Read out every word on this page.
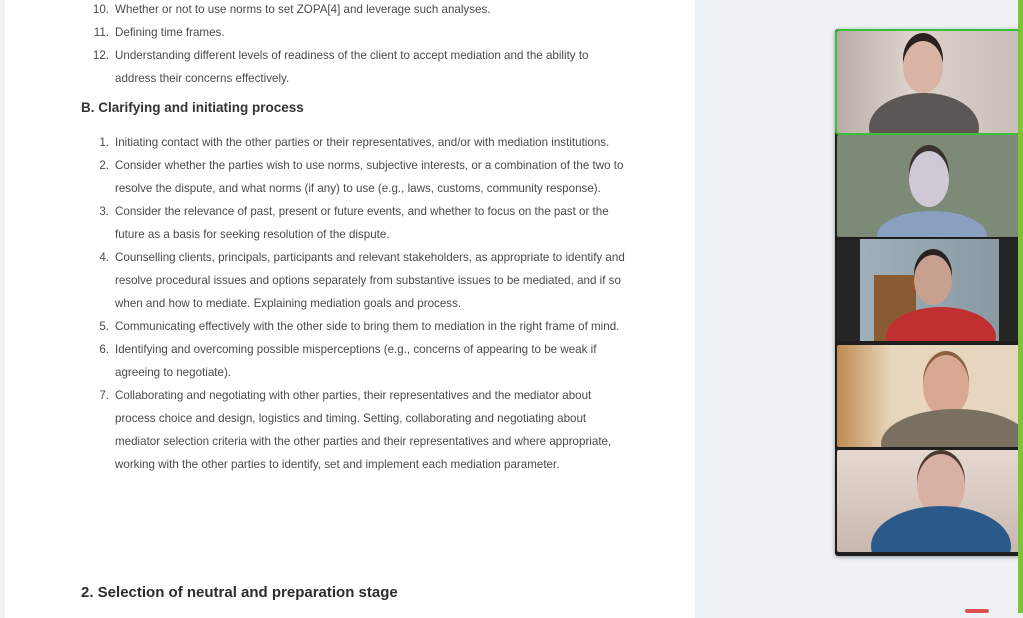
10. Whether or not to use norms to set ZOPA[4] and leverage such analyses.
11. Defining time frames.
12. Understanding different levels of readiness of the client to accept mediation and the ability to address their concerns effectively.
B. Clarifying and initiating process
1. Initiating contact with the other parties or their representatives, and/or with mediation institutions.
2. Consider whether the parties wish to use norms, subjective interests, or a combination of the two to resolve the dispute, and what norms (if any) to use (e.g., laws, customs, community response).
3. Consider the relevance of past, present or future events, and whether to focus on the past or the future as a basis for seeking resolution of the dispute.
4. Counselling clients, principals, participants and relevant stakeholders, as appropriate to identify and resolve procedural issues and options separately from substantive issues to be mediated, and if so when and how to mediate. Explaining mediation goals and process.
5. Communicating effectively with the other side to bring them to mediation in the right frame of mind.
6. Identifying and overcoming possible misperceptions (e.g., concerns of appearing to be weak if agreeing to negotiate).
7. Collaborating and negotiating with other parties, their representatives and the mediator about process choice and design, logistics and timing. Setting, collaborating and negotiating about mediator selection criteria with the other parties and their representatives and where appropriate, working with the other parties to identify, set and implement each mediation parameter.
2. Selection of neutral and preparation stage
